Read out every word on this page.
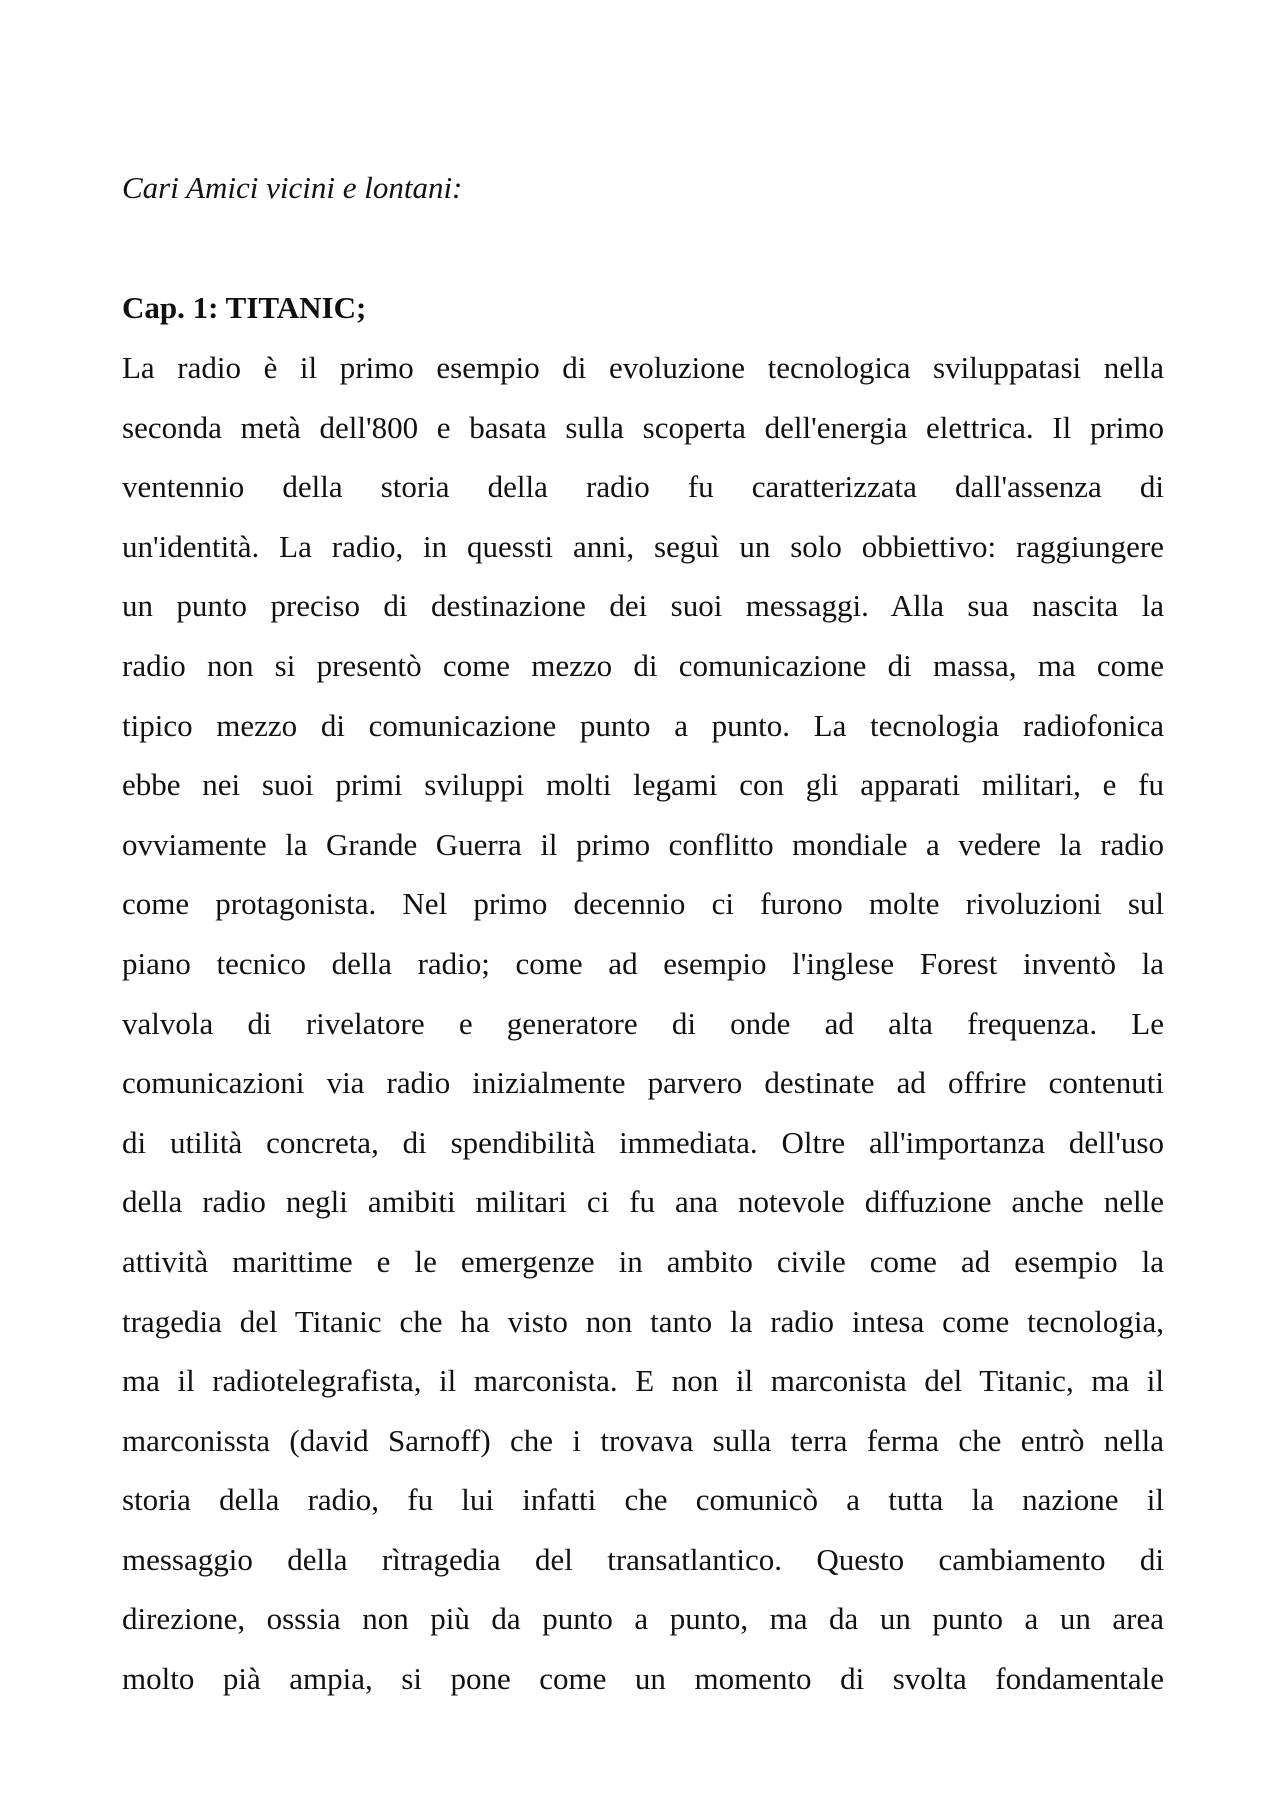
Cari Amici vicini e lontani:

Cap. 1: TITANIC;
La radio è il primo esempio di evoluzione tecnologica sviluppatasi nella
seconda metà dell'800 e basata sulla scoperta dell'energia elettrica. Il primo
ventennio della storia della radio fu caratterizzata dall'assenza di
un'identità. La radio, in quessti anni, seguì un solo obbiettivo: raggiungere
un punto preciso di destinazione dei suoi messaggi. Alla sua nascita la
radio non si presentò come mezzo di comunicazione di massa, ma come
tipico mezzo di comunicazione punto a punto. La tecnologia radiofonica
ebbe nei suoi primi sviluppi molti legami con gli apparati militari, e fu
ovviamente la Grande Guerra il primo conflitto mondiale a vedere la radio
come protagonista. Nel primo decennio ci furono molte rivoluzioni sul
piano tecnico della radio; come ad esempio l'inglese Forest inventò la
valvola di rivelatore e generatore di onde ad alta frequenza. Le
comunicazioni via radio inizialmente parvero destinate ad offrire contenuti
di utilità concreta, di spendibilità immediata. Oltre all'importanza dell'uso
della radio negli amibiti militari ci fu ana notevole diffuzione anche nelle
attività marittime e le emergenze in ambito civile come ad esempio la
tragedia del Titanic che ha visto non tanto la radio intesa come tecnologia,
ma il radiotelegrafista, il marconista. E non il marconista del Titanic, ma il
marconissta (david Sarnoff) che i trovava sulla terra ferma che entrò nella
storia della radio, fu lui infatti che comunicò a tutta la nazione il
messaggio della rìtragedia del transatlantico. Questo cambiamento di
direzione, osssia non più da punto a punto, ma da un punto a un area
molto pià ampia, si pone come un momento di svolta fondamentale
